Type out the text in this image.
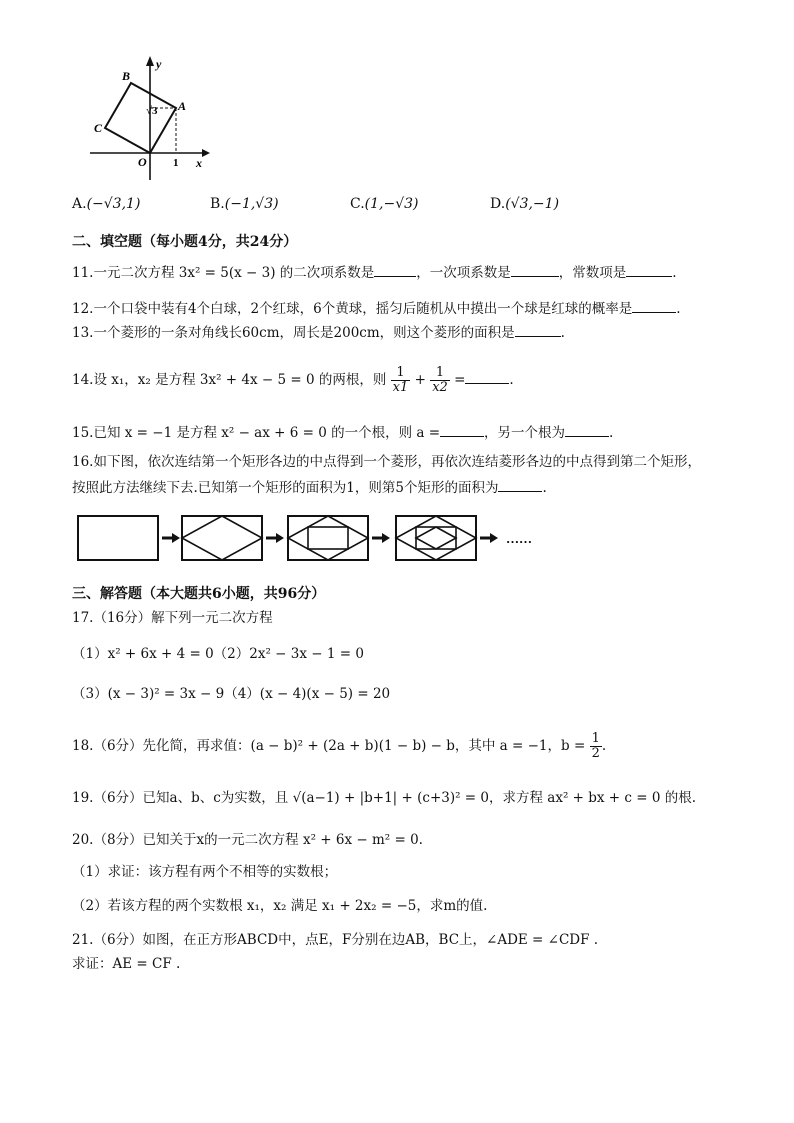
B
A
C
O
y
x
1
√3
A.(−√3,1)	B.(−1,√3)	C.(1,−√3)	D.(√3,−1)
二、填空题（每小题4分，共24分）
11.一元二次方程 3x² = 5(x − 3) 的二次项系数是	，一次项系数是	，常数项是	.
12.一个口袋中装有4个白球，2个红球，6个黄球，摇匀后随机从中摸出一个球是红球的概率是	.
13.一个菱形的一条对角线长60cm，周长是200cm，则这个菱形的面积是	.
14.设 x₁，x₂ 是方程 3x² + 4x − 5 = 0 的两根，则 $\frac{1}{x1} + \frac{1}{x2}$ =	.
15.已知 x = −1 是方程 x² − ax + 6 = 0 的一个根，则 a =	，另一个根为	.
16.如下图，依次连结第一个矩形各边的中点得到一个菱形，再依次连结菱形各边的中点得到第二个矩形，
按照此方法继续下去.已知第一个矩形的面积为1，则第5个矩形的面积为	.
……
三、解答题（本大题共6小题，共96分）
17.（16分）解下列一元二次方程
（1）x² + 6x + 4 = 0（2）2x² − 3x − 1 = 0
（3）(x − 3)² = 3x − 9（4）(x − 4)(x − 5) = 20
18.（6分）先化简，再求值：(a − b)² + (2a + b)(1 − b) − b，其中 a = −1，$b = \frac{1}{2}$ .
19.（6分）已知a、b、c为实数，且 √(a−1) + |b+1| + (c+3)² = 0，求方程 ax² + bx + c = 0 的根.
20.（8分）已知关于x的一元二次方程 x² + 6x − m² = 0.
（1）求证：该方程有两个不相等的实数根；
（2）若该方程的两个实数根 x₁，x₂ 满足 x₁ + 2x₂ = −5，求m的值.
21.（6分）如图，在正方形ABCD中，点E，F分别在边AB，BC上，∠ADE = ∠CDF .
求证：AE = CF .
